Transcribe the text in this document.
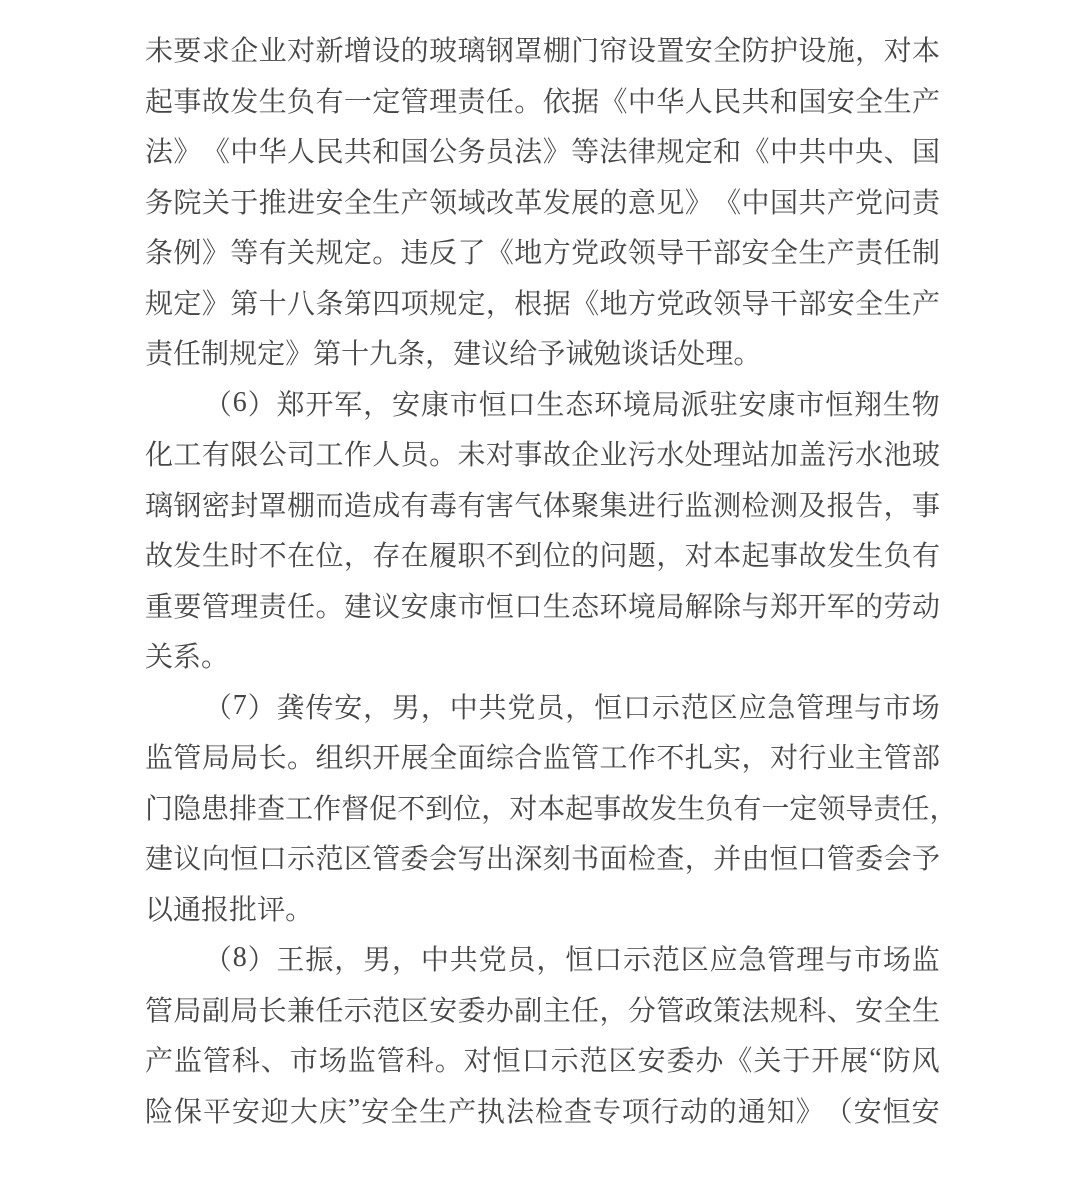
未 要 求 企 业 对 新 增 设 的 玻 璃 钢 罩 棚 门 帘 设 置 安 全 防 护 设 施 ， 对 本
起 事 故 发 生 负 有 一 定 管 理 责 任 。 依 据 《 中 华 人 民 共 和 国 安 全 生 产
法 》 《 中 华 人 民 共 和 国 公 务 员 法 》 等 法 律 规 定 和 《 中 共 中 央 、 国
务 院 关 于 推 进 安 全 生 产 领 域 改 革 发 展 的 意 见 》 《 中 国 共 产 党 问 责
条 例 》 等 有 关 规 定 。 违 反 了 《 地 方 党 政 领 导 干 部 安 全 生 产 责 任 制
规 定 》 第 十 八 条 第 四 项 规 定 ， 根 据 《 地 方 党 政 领 导 干 部 安 全 生 产
责 任 制 规 定 》 第 十 九 条 ， 建 议 给 予 诫 勉 谈 话 处 理 。
（ 6 ） 郑 开 军 ， 安 康 市 恒 口 生 态 环 境 局 派 驻 安 康 市 恒 翔 生 物
化 工 有 限 公 司 工 作 人 员 。 未 对 事 故 企 业 污 水 处 理 站 加 盖 污 水 池 玻
璃 钢 密 封 罩 棚 而 造 成 有 毒 有 害 气 体 聚 集 进 行 监 测 检 测 及 报 告 ， 事
故 发 生 时 不 在 位 ， 存 在 履 职 不 到 位 的 问 题 ， 对 本 起 事 故 发 生 负 有
重 要 管 理 责 任 。 建 议 安 康 市 恒 口 生 态 环 境 局 解 除 与 郑 开 军 的 劳 动
关 系 。
（ 7 ） 龚 传 安 ， 男 ， 中 共 党 员 ， 恒 口 示 范 区 应 急 管 理 与 市 场
监 管 局 局 长 。 组 织 开 展 全 面 综 合 监 管 工 作 不 扎 实 ， 对 行 业 主 管 部
门 隐 患 排 查 工 作 督 促 不 到 位 ， 对 本 起 事 故 发 生 负 有 一 定 领 导 责 任 ，
建 议 向 恒 口 示 范 区 管 委 会 写 出 深 刻 书 面 检 查 ， 并 由 恒 口 管 委 会 予
以 通 报 批 评 。
（ 8 ） 王 振 ， 男 ， 中 共 党 员 ， 恒 口 示 范 区 应 急 管 理 与 市 场 监
管 局 副 局 长 兼 任 示 范 区 安 委 办 副 主 任 ， 分 管 政 策 法 规 科 、 安 全 生
产 监 管 科 、 市 场 监 管 科 。 对 恒 口 示 范 区 安 委 办 《 关 于 开 展 “ 防 风
险 保 平 安 迎 大 庆 ” 安 全 生 产 执 法 检 查 专 项 行 动 的 通 知 》 （ 安 恒 安
